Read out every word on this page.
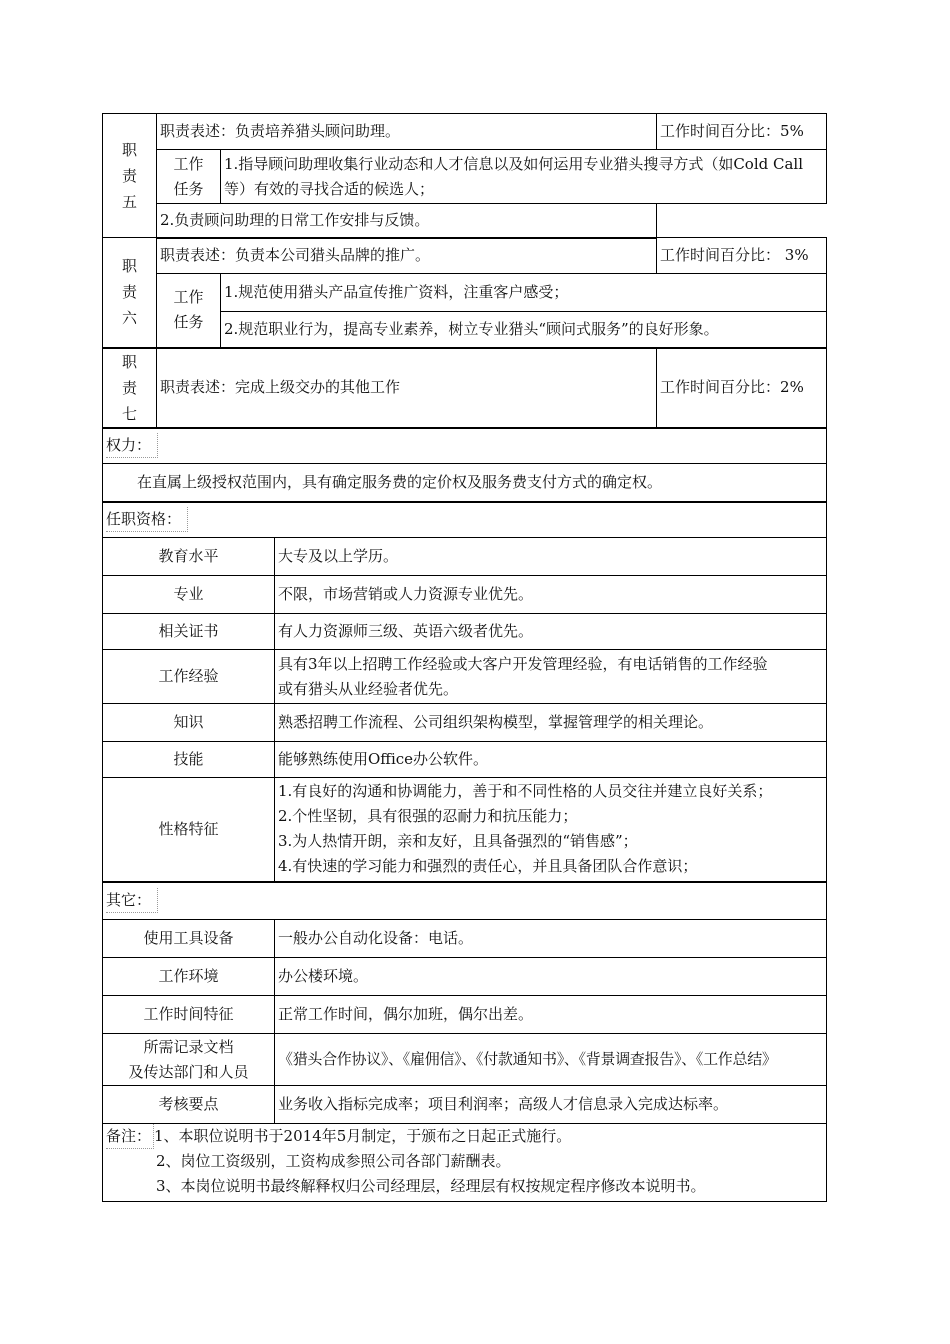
职责五	职责表述：负责培养猎头顾问助理。			工作时间百分比：5%

	工作任务	1.指导顾问助理收集行业动态和人才信息以及如何运用专业猎头搜寻方式（如Cold Call等）有效的寻找合适的候选人；		
	2.负责顾问助理的日常工作安排与反馈。			

职责六	职责表述：负责本公司猎头品牌的推广。			工作时间百分比： 3%

	工作任务	1.规范使用猎头产品宣传推广资料，注重客户感受；		
		2.规范职业行为，提高专业素养，树立专业猎头“顾问式服务”的良好形象。		

职责七	职责表述：完成上级交办的其他工作			工作时间百分比：2%
权力：				
在直属上级授权范围内，具有确定服务费的定价权及服务费支付方式的确定权。				
任职资格：				
教育水平			大专及以上学历。	
专业			不限，市场营销或人力资源专业优先。	
相关证书			有人力资源师三级、英语六级者优先。	
工作经验			具有3年以上招聘工作经验或大客户开发管理经验，有电话销售的工作经验
或有猎头从业经验者优先。	

知识			熟悉招聘工作流程、公司组织架构模型，掌握管理学的相关理论。	
技能			能够熟练使用Office办公软件。	
性格特征			1.有良好的沟通和协调能力，善于和不同性格的人员交往并建立良好关系；
2.个性坚韧，具有很强的忍耐力和抗压能力；
3.为人热情开朗，亲和友好，且具备强烈的“销售感”；
4.有快速的学习能力和强烈的责任心，并且具备团队合作意识；	

其它：				
使用工具设备			一般办公自动化设备：电话。	
工作环境			办公楼环境。	
工作时间特征			正常工作时间，偶尔加班，偶尔出差。	

所需记录文档
及传达部门和人员			《猎头合作协议》、《雇佣信》、《付款通知书》、《背景调查报告》、《工作总结》	
考核要点			业务收入指标完成率；项目利润率；高级人才信息录入完成达标率。	

备注： 1、本职位说明书于2014年5月制定，于颁布之日起正式施行。
2、岗位工资级别，工资构成参照公司各部门薪酬表。
3、本岗位说明书最终解释权归公司经理层，经理层有权按规定程序修改本说明书。				
